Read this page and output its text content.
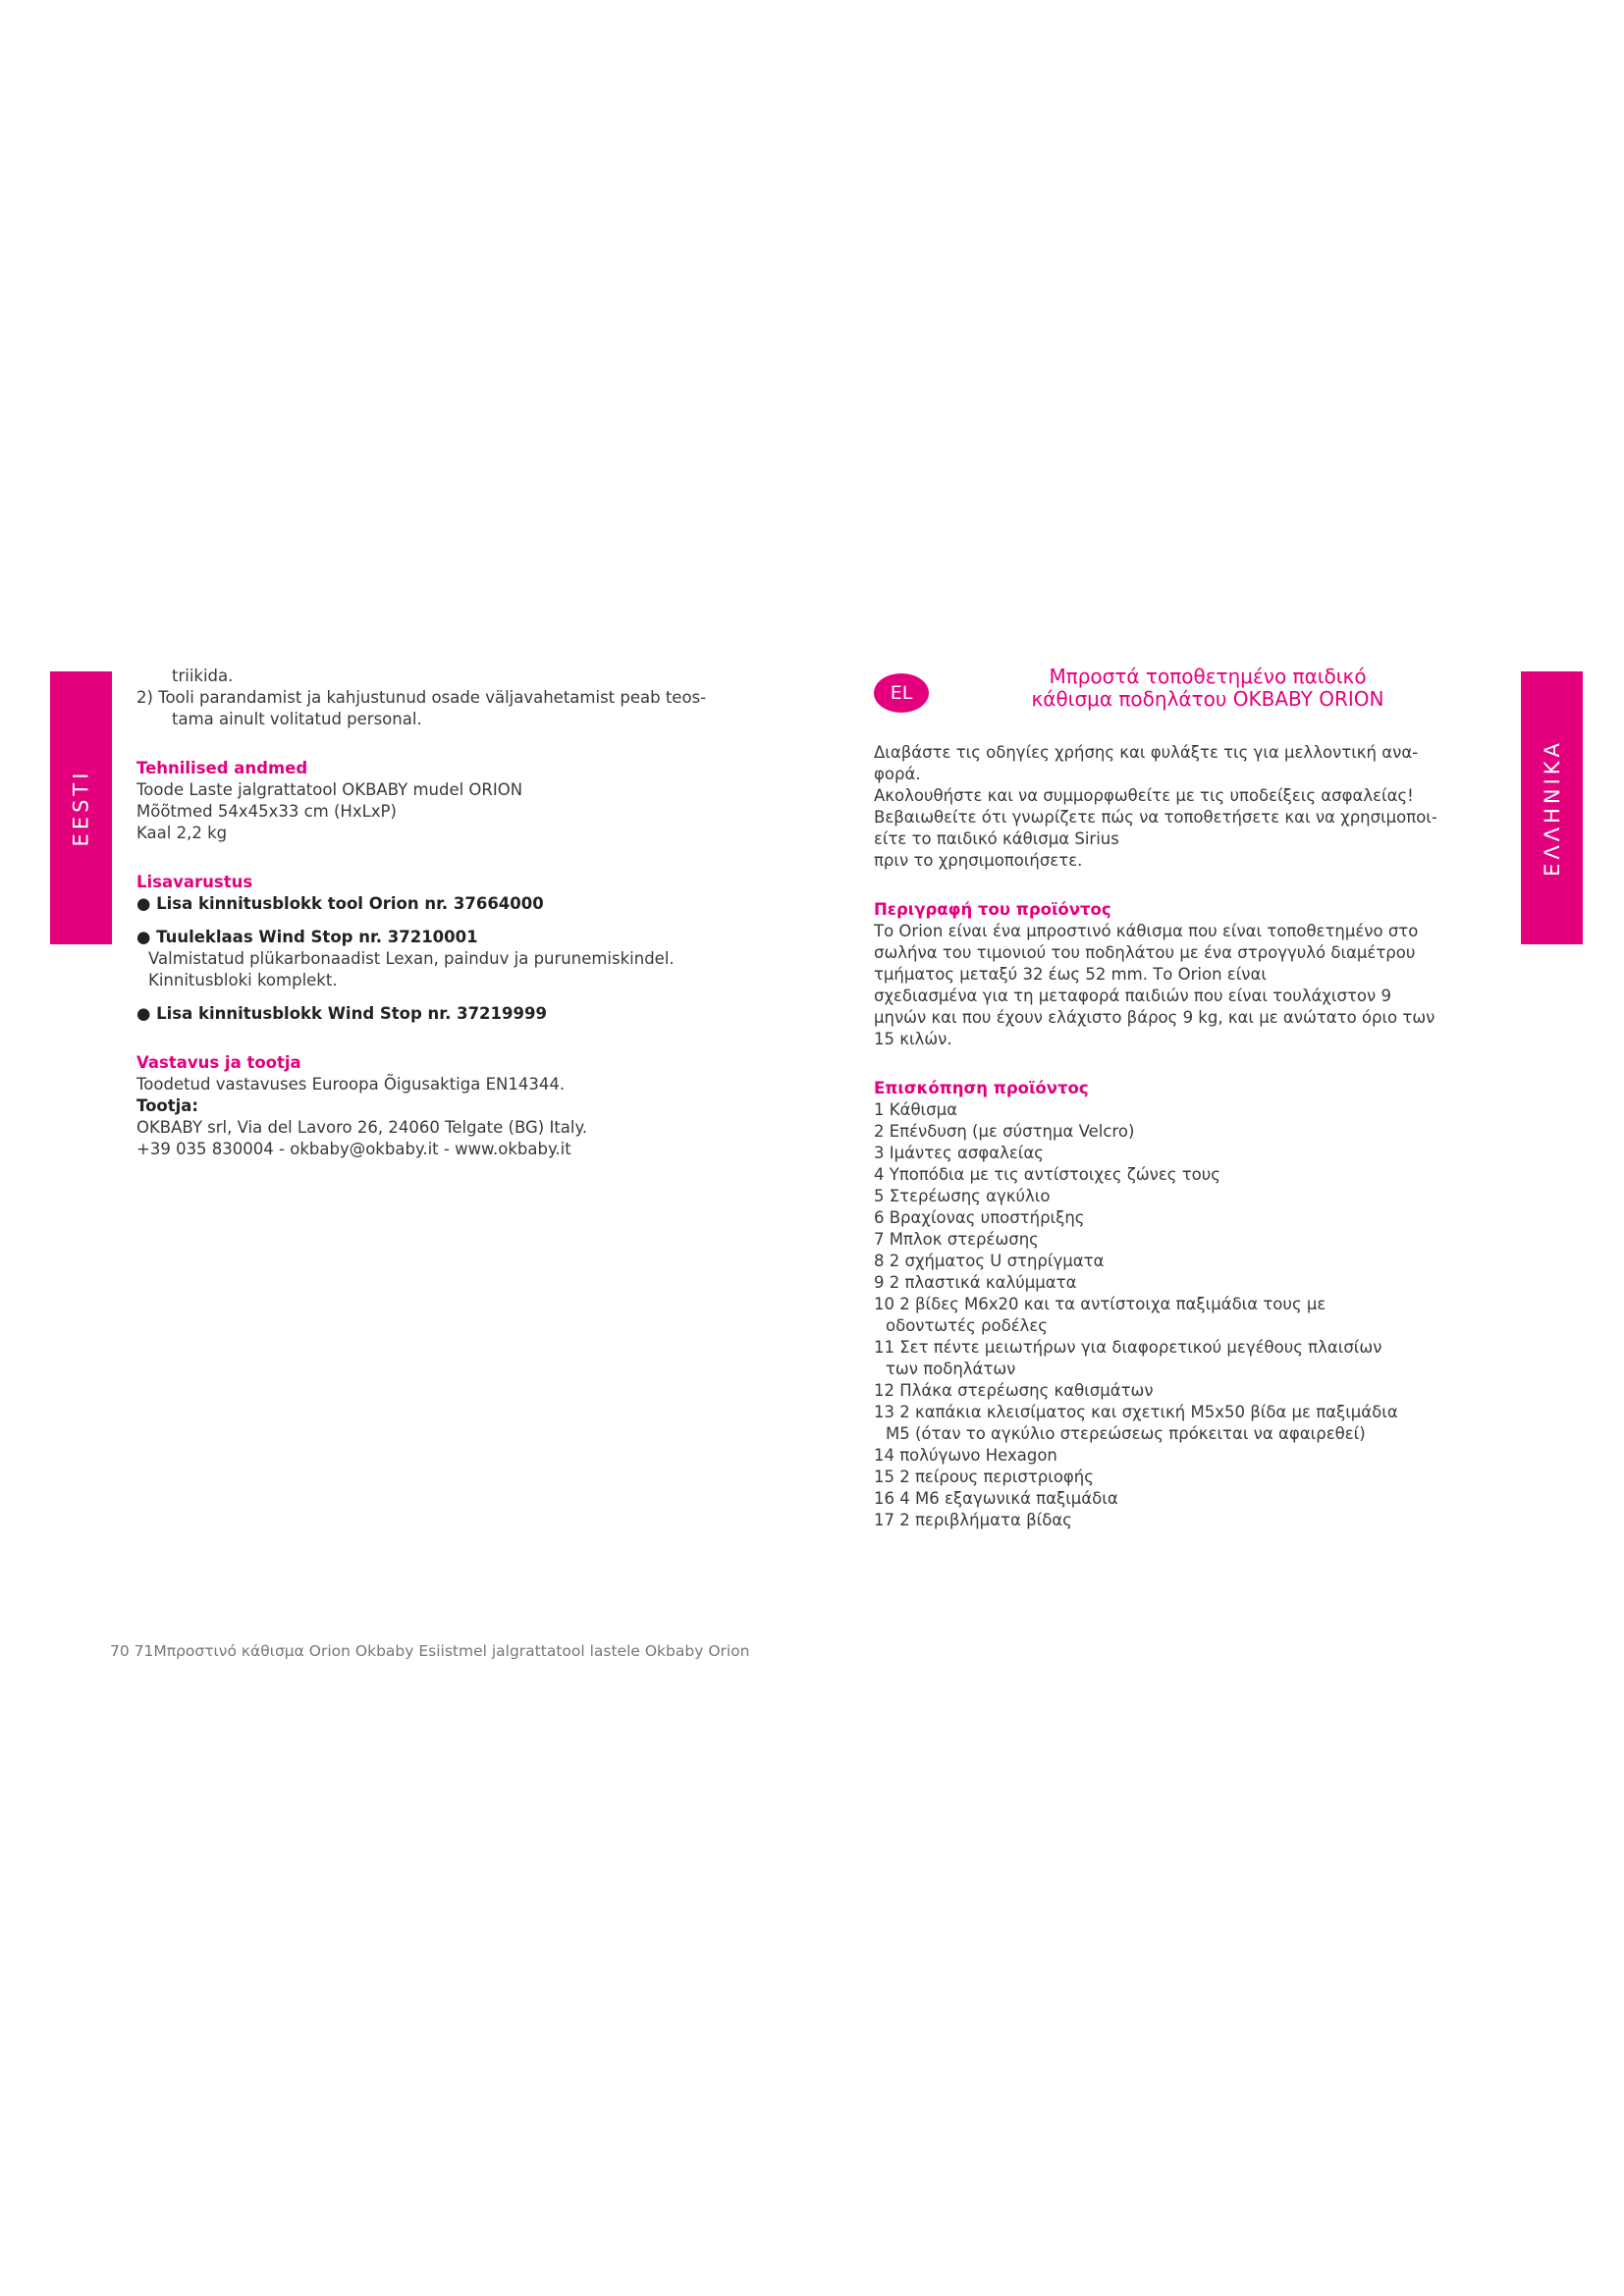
EESTI	ΕΛΛΗΝΙΚΑ
triikida.
2) Tooli parandamist ja kahjustunud osade väljavahetamist peab teos-
tama ainult volitatud personal.
Tehnilised andmed
Toode Laste jalgrattatool OKBABY mudel ORION
Mõõtmed 54x45x33 cm (HxLxP)
Kaal 2,2 kg
Lisavarustus
● Lisa kinnitusblokk tool Orion nr. 37664000
● Tuuleklaas Wind Stop nr. 37210001
Valmistatud plükarbonaadist Lexan, painduv ja purunemiskindel.
Kinnitusbloki komplekt.
● Lisa kinnitusblokk Wind Stop nr. 37219999
Vastavus ja tootja
Toodetud vastavuses Euroopa Õigusaktiga EN14344.
Tootja:
OKBABY srl, Via del Lavoro 26, 24060 Telgate (BG) Italy.
+39 035 830004 - okbaby@okbaby.it - www.okbaby.it
EL
Μπροστά τοποθετημένο παιδικό
κάθισμα ποδηλάτου OKBABY ORION
Διαβάστε τις οδηγίες χρήσης και φυλάξτε τις για μελλοντική ανα-
φορά.
Ακολουθήστε και να συμμορφωθείτε με τις υποδείξεις ασφαλείας!
Βεβαιωθείτε ότι γνωρίζετε πώς να τοποθετήσετε και να χρησιμοποι-
είτε το παιδικό κάθισμα Sirius
πριν το χρησιμοποιήσετε.
Περιγραφή του προϊόντος
Το Orion είναι ένα μπροστινό κάθισμα που είναι τοποθετημένο στο
σωλήνα του τιμονιού του ποδηλάτου με ένα στρογγυλό διαμέτρου
τμήματος μεταξύ 32 έως 52 mm. Το Orion είναι
σχεδιασμένα για τη μεταφορά παιδιών που είναι τουλάχιστον 9
μηνών και που έχουν ελάχιστο βάρος 9 kg, και με ανώτατο όριο των
15 κιλών.
Επισκόπηση προϊόντος
1 Κάθισμα
2 Επένδυση (με σύστημα Velcro)
3 Ιμάντες ασφαλείας
4 Υποπόδια με τις αντίστοιχες ζώνες τους
5 Στερέωσης αγκύλιο
6 Βραχίονας υποστήριξης
7 Μπλοκ στερέωσης
8 2 σχήματος U στηρίγματα
9 2 πλαστικά καλύμματα
10 2 βίδες M6x20 και τα αντίστοιχα παξιμάδια τους με
οδοντωτές ροδέλες
11 Σετ πέντε μειωτήρων για διαφορετικού μεγέθους πλαισίων
των ποδηλάτων
12 Πλάκα στερέωσης καθισμάτων
13 2 καπάκια κλεισίματος και σχετική M5x50 βίδα με παξιμάδια
M5 (όταν το αγκύλιο στερεώσεως πρόκειται να αφαιρεθεί)
14 πολύγωνο Hexagon
15 2 πείρους περιστριοφής
16 4 M6 εξαγωνικά παξιμάδια
17 2 περιβλήματα βίδας
70 71Μπροστινό κάθισμα Orion Okbaby Esiistmel jalgrattatool lastele Okbaby Orion
